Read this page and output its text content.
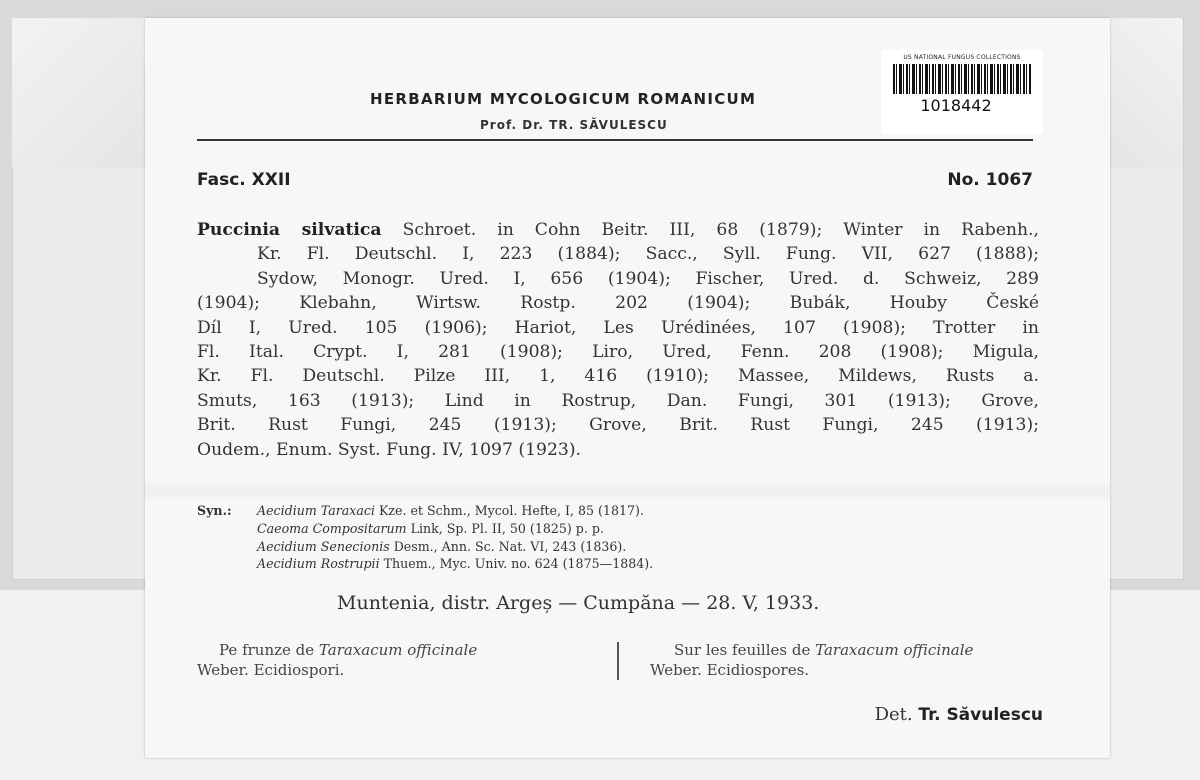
HERBARIUM MYCOLOGICUM ROMANICUM
Prof. Dr. TR. SĂVULESCU
US NATIONAL FUNGUS COLLECTIONS
1018442
Fasc. XXII	No. 1067
Puccinia silvatica Schroet. in Cohn Beitr. III, 68 (1879); Winter in Rabenh.,
Kr. Fl. Deutschl. I, 223 (1884); Sacc., Syll. Fung. VII, 627 (1888);
Sydow, Monogr. Ured. I, 656 (1904); Fischer, Ured. d. Schweiz, 289
(1904); Klebahn, Wirtsw. Rostp. 202 (1904); Bubák, Houby České
Díl I, Ured. 105 (1906); Hariot, Les Urédinées, 107 (1908); Trotter in
Fl. Ital. Crypt. I, 281 (1908); Liro, Ured, Fenn. 208 (1908); Migula,
Kr. Fl. Deutschl. Pilze III, 1, 416 (1910); Massee, Mildews, Rusts a.
Smuts, 163 (1913); Lind in Rostrup, Dan. Fungi, 301 (1913); Grove,
Brit. Rust Fungi, 245 (1913); Grove, Brit. Rust Fungi, 245 (1913);
Oudem., Enum. Syst. Fung. IV, 1097 (1923).
Syn.: Aecidium Taraxaci Kze. et Schm., Mycol. Hefte, I, 85 (1817).
Caeoma Compositarum Link, Sp. Pl. II, 50 (1825) p. p.
Aecidium Senecionis Desm., Ann. Sc. Nat. VI, 243 (1836).
Aecidium Rostrupii Thuem., Myc. Univ. no. 624 (1875—1884).
Muntenia, distr. Argeș — Cumpăna — 28. V, 1933.
Pe frunze de Taraxacum officinale
Weber. Ecidiospori.
Sur les feuilles de Taraxacum officinale
Weber. Ecidiospores.
Det. Tr. Săvulescu
